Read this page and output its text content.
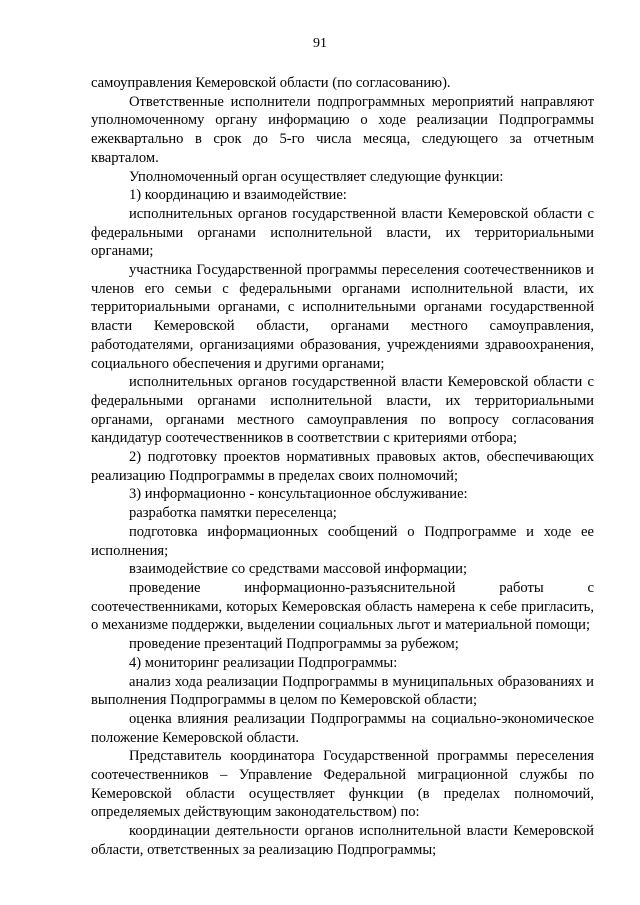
91

самоуправления Кемеровской области (по согласованию).

Ответственные исполнители подпрограммных мероприятий направляют уполномоченному органу информацию о ходе реализации Подпрограммы ежеквартально в срок до 5-го числа месяца, следующего за отчетным кварталом.

Уполномоченный орган осуществляет следующие функции:

1) координацию и взаимодействие:

исполнительных органов государственной власти Кемеровской области с федеральными органами исполнительной власти, их территориальными органами;

участника Государственной программы переселения соотечественников и членов его семьи с федеральными органами исполнительной власти, их территориальными органами, с исполнительными органами государственной власти Кемеровской области, органами местного самоуправления, работодателями, организациями образования, учреждениями здравоохранения, социального обеспечения и другими органами;

исполнительных органов государственной власти Кемеровской области с федеральными органами исполнительной власти, их территориальными органами, органами местного самоуправления по вопросу согласования кандидатур соотечественников в соответствии с критериями отбора;

2) подготовку проектов нормативных правовых актов, обеспечивающих реализацию Подпрограммы в пределах своих полномочий;

3) информационно - консультационное обслуживание:

разработка памятки переселенца;

подготовка информационных сообщений о Подпрограмме и ходе ее исполнения;

взаимодействие со средствами массовой информации;

проведение информационно-разъяснительной работы с соотечественниками, которых Кемеровская область намерена к себе пригласить, о механизме поддержки, выделении социальных льгот и материальной помощи;

проведение презентаций Подпрограммы за рубежом;

4) мониторинг реализации Подпрограммы:

анализ хода реализации Подпрограммы в муниципальных образованиях и выполнения Подпрограммы в целом по Кемеровской области;

оценка влияния реализации Подпрограммы на социально-экономическое положение Кемеровской области.

Представитель координатора Государственной программы переселения соотечественников – Управление Федеральной миграционной службы по Кемеровской области осуществляет функции (в пределах полномочий, определяемых действующим законодательством) по:

координации деятельности органов исполнительной власти Кемеровской области, ответственных за реализацию Подпрограммы;
